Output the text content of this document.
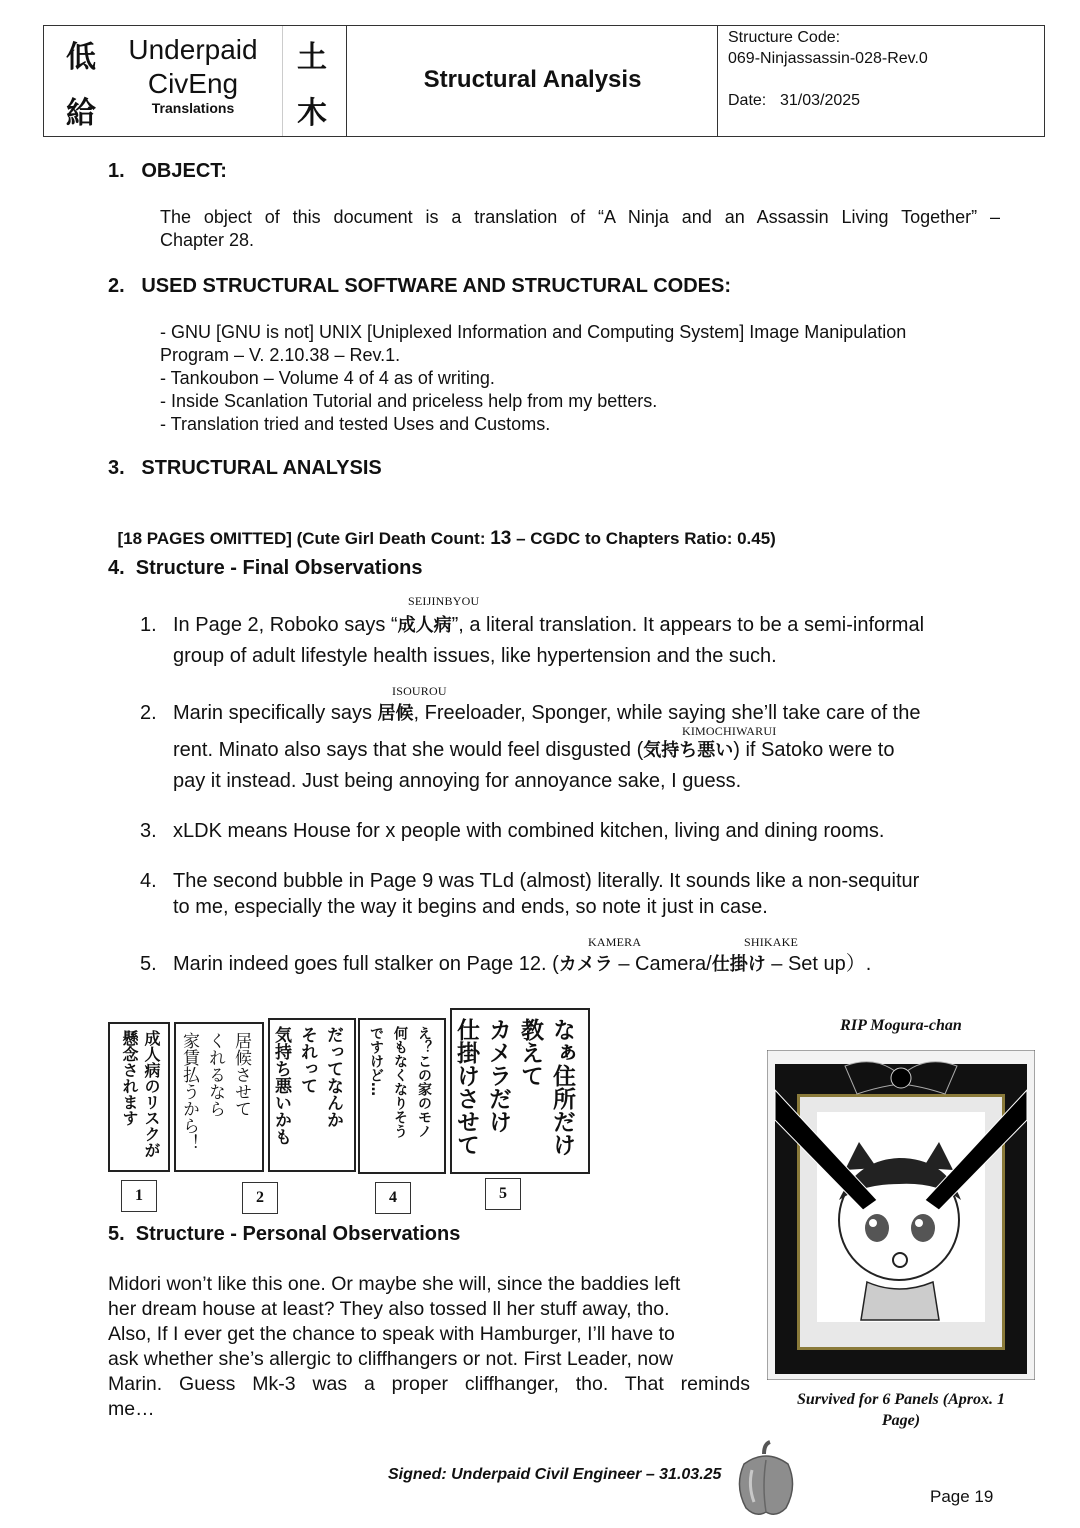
低
給
Underpaid
CivEng
Translations
土
木
Structural Analysis
Structure Code:
069-Ninjassassin-028-Rev.0
Date: 31/03/2025
1.   OBJECT:

The object of this document is a translation of “A Ninja and an Assassin Living Together” –

Chapter 28.

2.   USED STRUCTURAL SOFTWARE AND STRUCTURAL CODES:

- GNU [GNU is not] UNIX [Uniplexed Information and Computing System] Image Manipulation

Program – V. 2.10.38 – Rev.1.

- Tankoubon – Volume 4 of 4 as of writing.

- Inside Scanlation Tutorial and priceless help from my betters.

- Translation tried and tested Uses and Customs.

3.   STRUCTURAL ANALYSIS

[18 PAGES OMITTED] (Cute Girl Death Count: 13 – CGDC to Chapters Ratio: 0.45)

4.  Structure - Final Observations
SEIJINBYOU
1. In Page 2, Roboko says “成人病”, a literal translation. It appears to be a semi-informal
group of adult lifestyle health issues, like hypertension and the such.
ISOUROU
KIMOCHIWARUI
2. Marin specifically says 居候, Freeloader, Sponger, while saying she’ll take care of the
rent. Minato also says that she would feel disgusted (気持ち悪い) if Satoko were to
pay it instead. Just being annoying for annoyance sake, I guess.
3. xLDK means House for x people with combined kitchen, living and dining rooms.
4. The second bubble in Page 9 was TLd (almost) literally. It sounds like a non-sequitur
to me, especially the way it begins and ends, so note it just in case.
KAMERA	SHIKAKE
5. Marin indeed goes full stalker on Page 12. (カメラ – Camera/仕掛け – Set up）.
成人病のリスクが
懸念されます	居候させて
くれるなら
家賃払うから！	だってなんか
それって
気持ち悪いかも	え？この家のモノ
何もなくなりそう
ですけど…	なぁ住所だけ
教えて
カメラだけ
仕掛けさせて
1	2	4	5
5.  Structure - Personal Observations
Midori won’t like this one. Or maybe she will, since the baddies left
her dream house at least? They also tossed ll her stuff away, tho.
Also, If I ever get the chance to speak with Hamburger, I’ll have to
ask whether she’s allergic to cliffhangers or not. First Leader, now
Marin. Guess Mk-3 was a proper cliffhanger, tho. That reminds
me…
RIP Mogura-chan
Survived for 6 Panels (Aprox. 1
Page)
Signed: Underpaid Civil Engineer – 31.03.25
Page 19
